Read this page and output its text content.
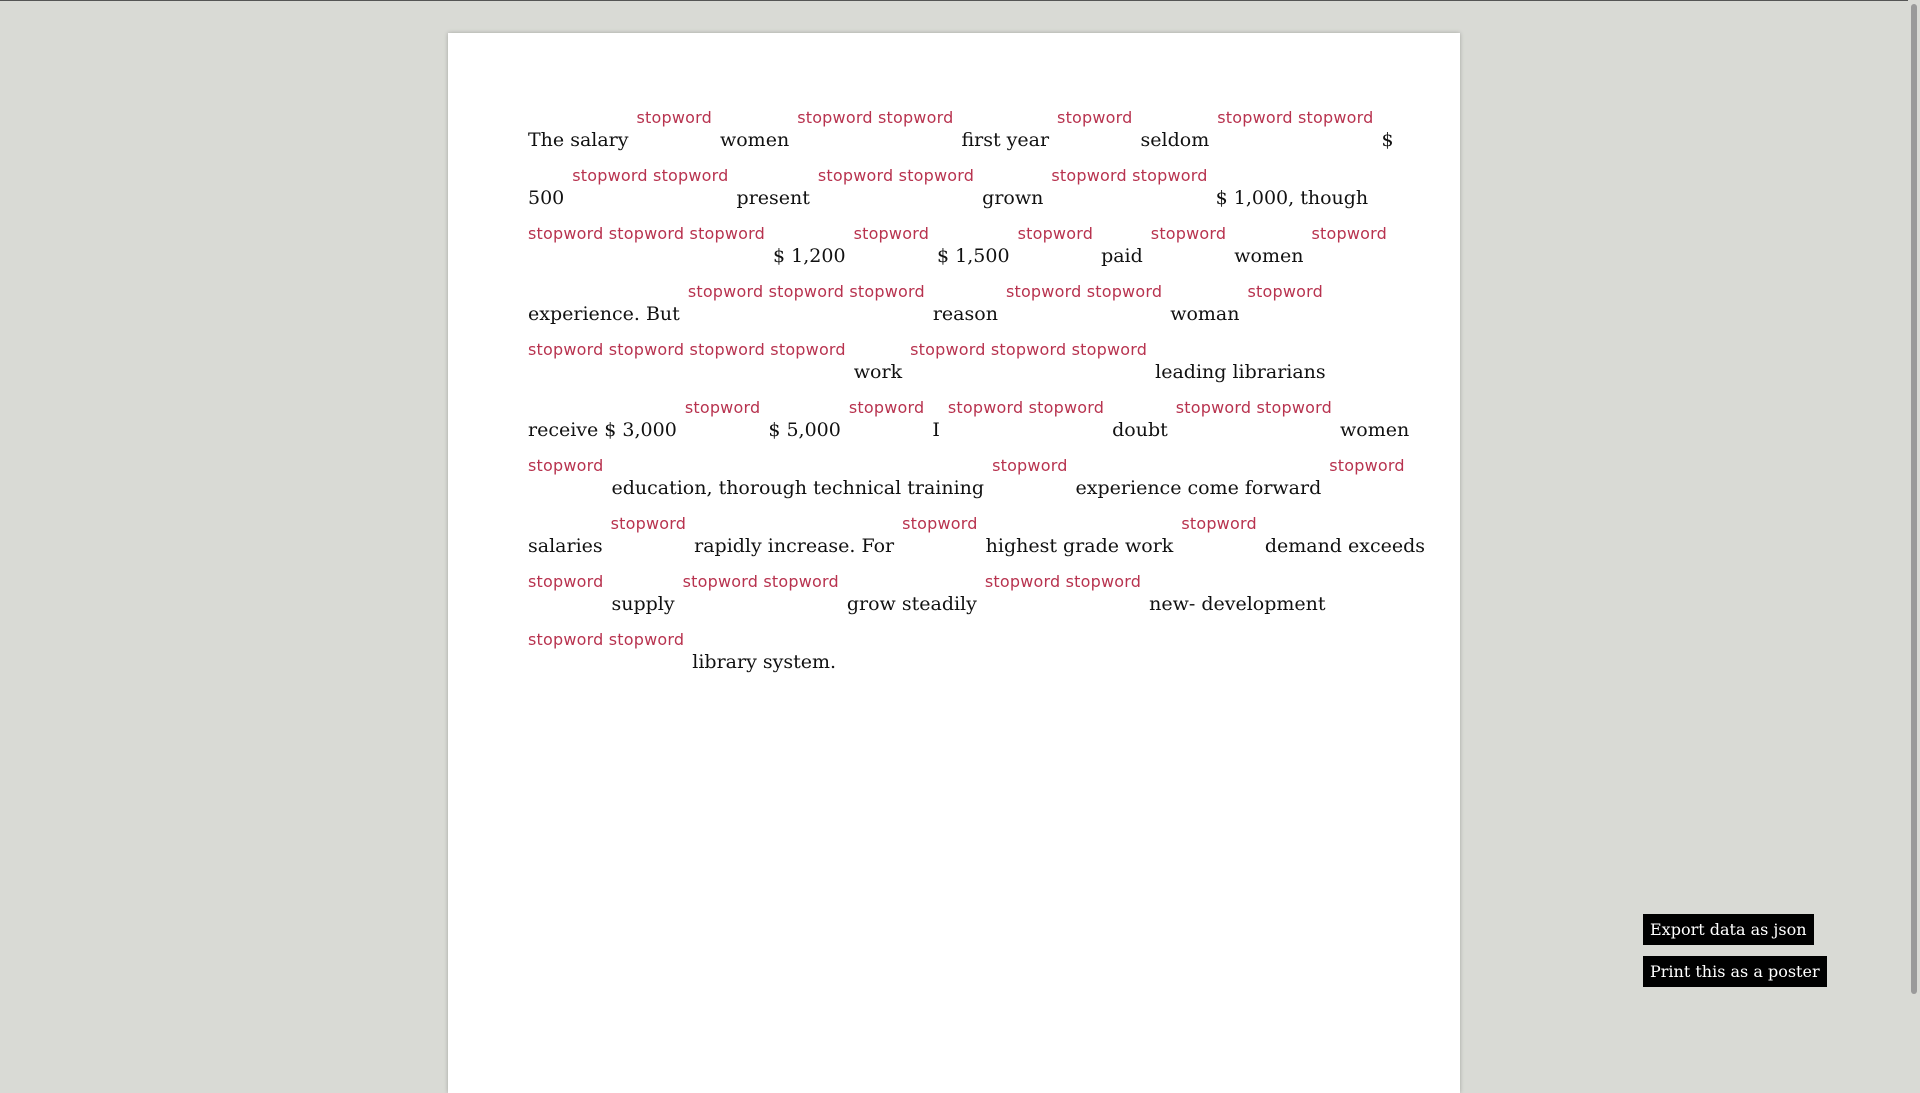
The salarystopwordwomenstopword stopwordfirst yearstopwordseldomstopword stopword$
500stopword stopwordpresentstopword stopwordgrownstopword stopword$ 1,000, though
stopword stopword stopword$ 1,200stopword$ 1,500stopwordpaidstopwordwomenstopword
experience. Butstopword stopword stopwordreasonstopword stopwordwomanstopword
stopword stopword stopword stopwordworkstopword stopword stopwordleading librarians
receive $ 3,000stopword$ 5,000stopwordIstopword stopworddoubtstopword stopwordwomen
stopwordeducation, thorough technical trainingstopwordexperience come forwardstopword
salariesstopwordrapidly increase. Forstopwordhighest grade workstopworddemand exceeds
stopwordsupplystopword stopwordgrow steadilystopword stopwordnew- development
stopword stopwordlibrary system.
Export data as json
Print this as a poster
